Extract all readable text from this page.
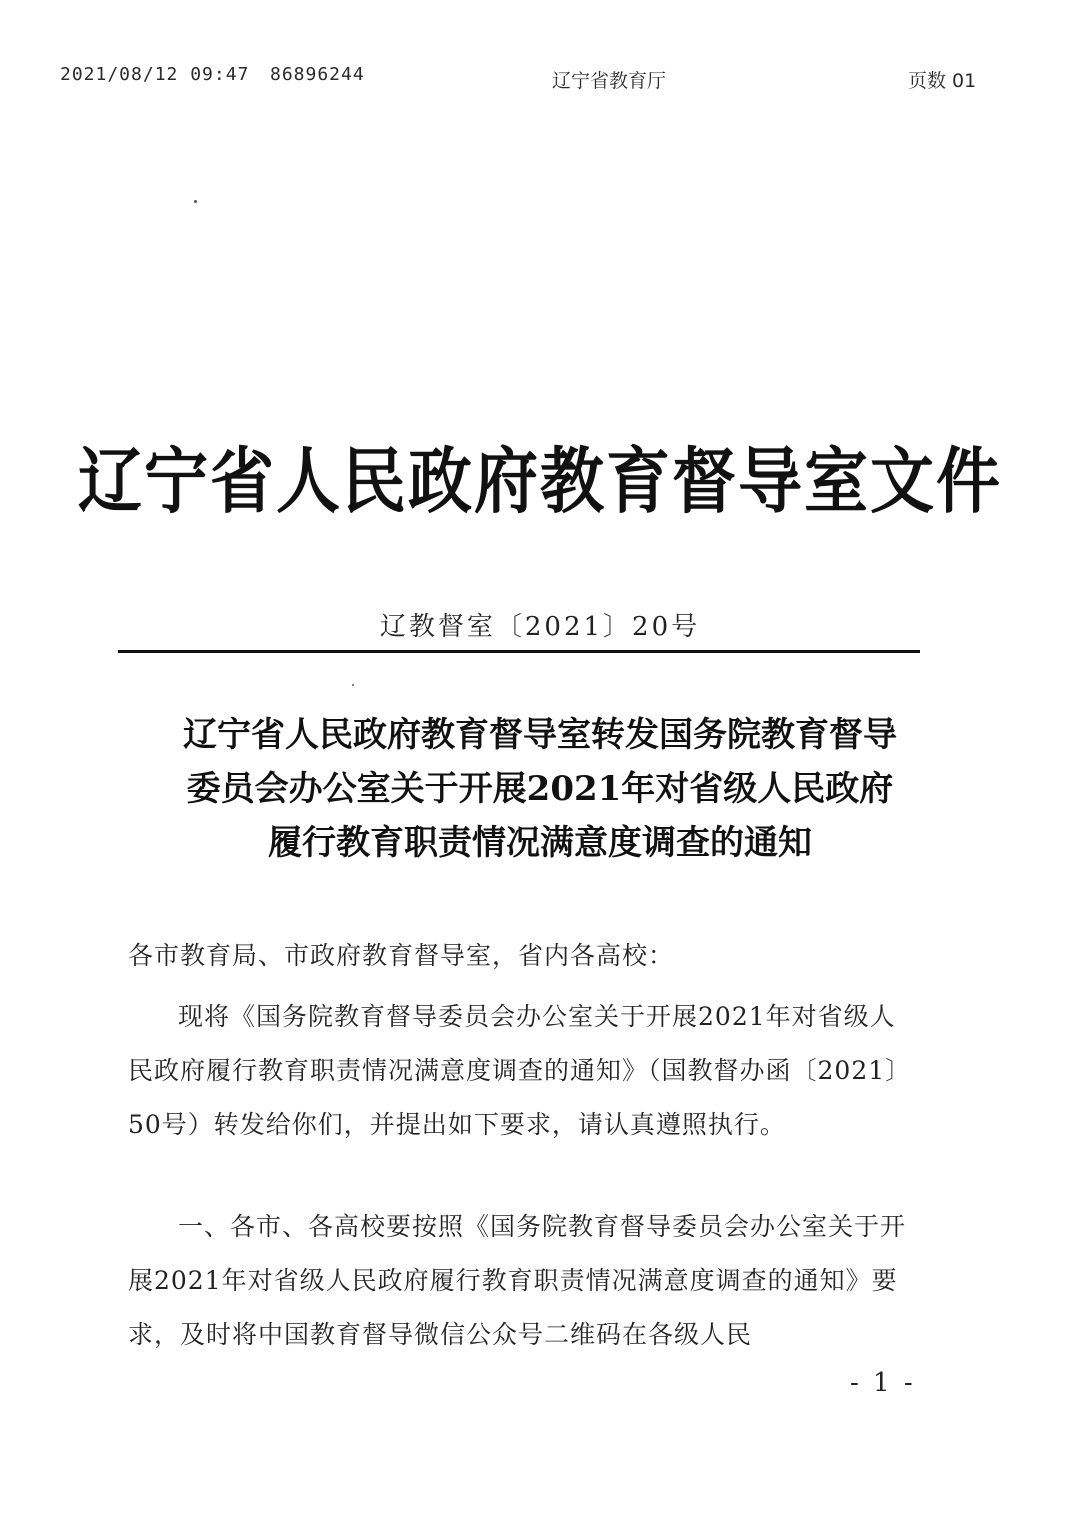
2021/08/12 09:47 86896244	辽宁省教育厅	页数 01
辽宁省人民政府教育督导室文件
辽教督室〔2021〕20号
辽宁省人民政府教育督导室转发国务院教育督导
委员会办公室关于开展2021年对省级人民政府
履行教育职责情况满意度调查的通知
各市教育局、市政府教育督导室，省内各高校：
现将《国务院教育督导委员会办公室关于开展2021年对省级人民政府履行教育职责情况满意度调查的通知》（国教督办函〔2021〕50号）转发给你们，并提出如下要求，请认真遵照执行。
一、各市、各高校要按照《国务院教育督导委员会办公室关于开展2021年对省级人民政府履行教育职责情况满意度调查的通知》要求，及时将中国教育督导微信公众号二维码在各级人民
- 1 -
